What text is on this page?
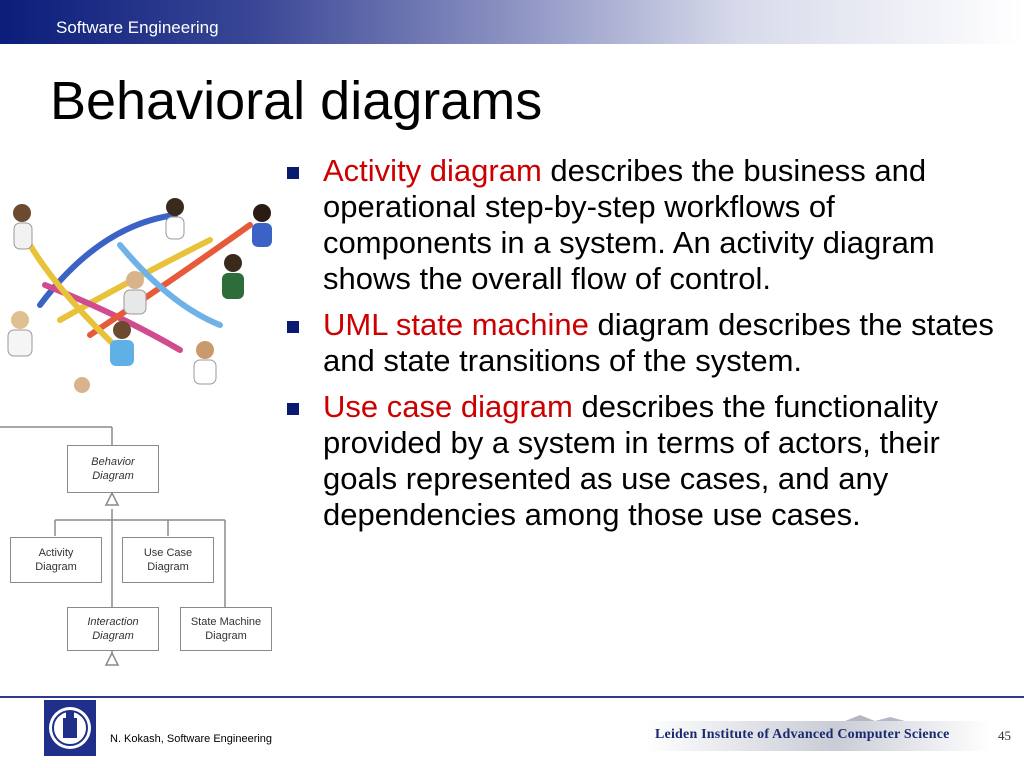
Software Engineering
Behavioral diagrams
Behavior
Diagram
Activity
Diagram
Use Case
Diagram
Interaction
Diagram
State Machine
Diagram
Activity diagram describes the business and operational step-by-step workflows of components in a system. An activity diagram shows the overall flow of control.
UML state machine diagram describes the states and state transitions of the system.
Use case diagram describes the functionality provided by a system in terms of actors, their goals represented as use cases, and any dependencies among those use cases.
N. Kokash, Software Engineering	Leiden Institute of Advanced Computer Science	45
